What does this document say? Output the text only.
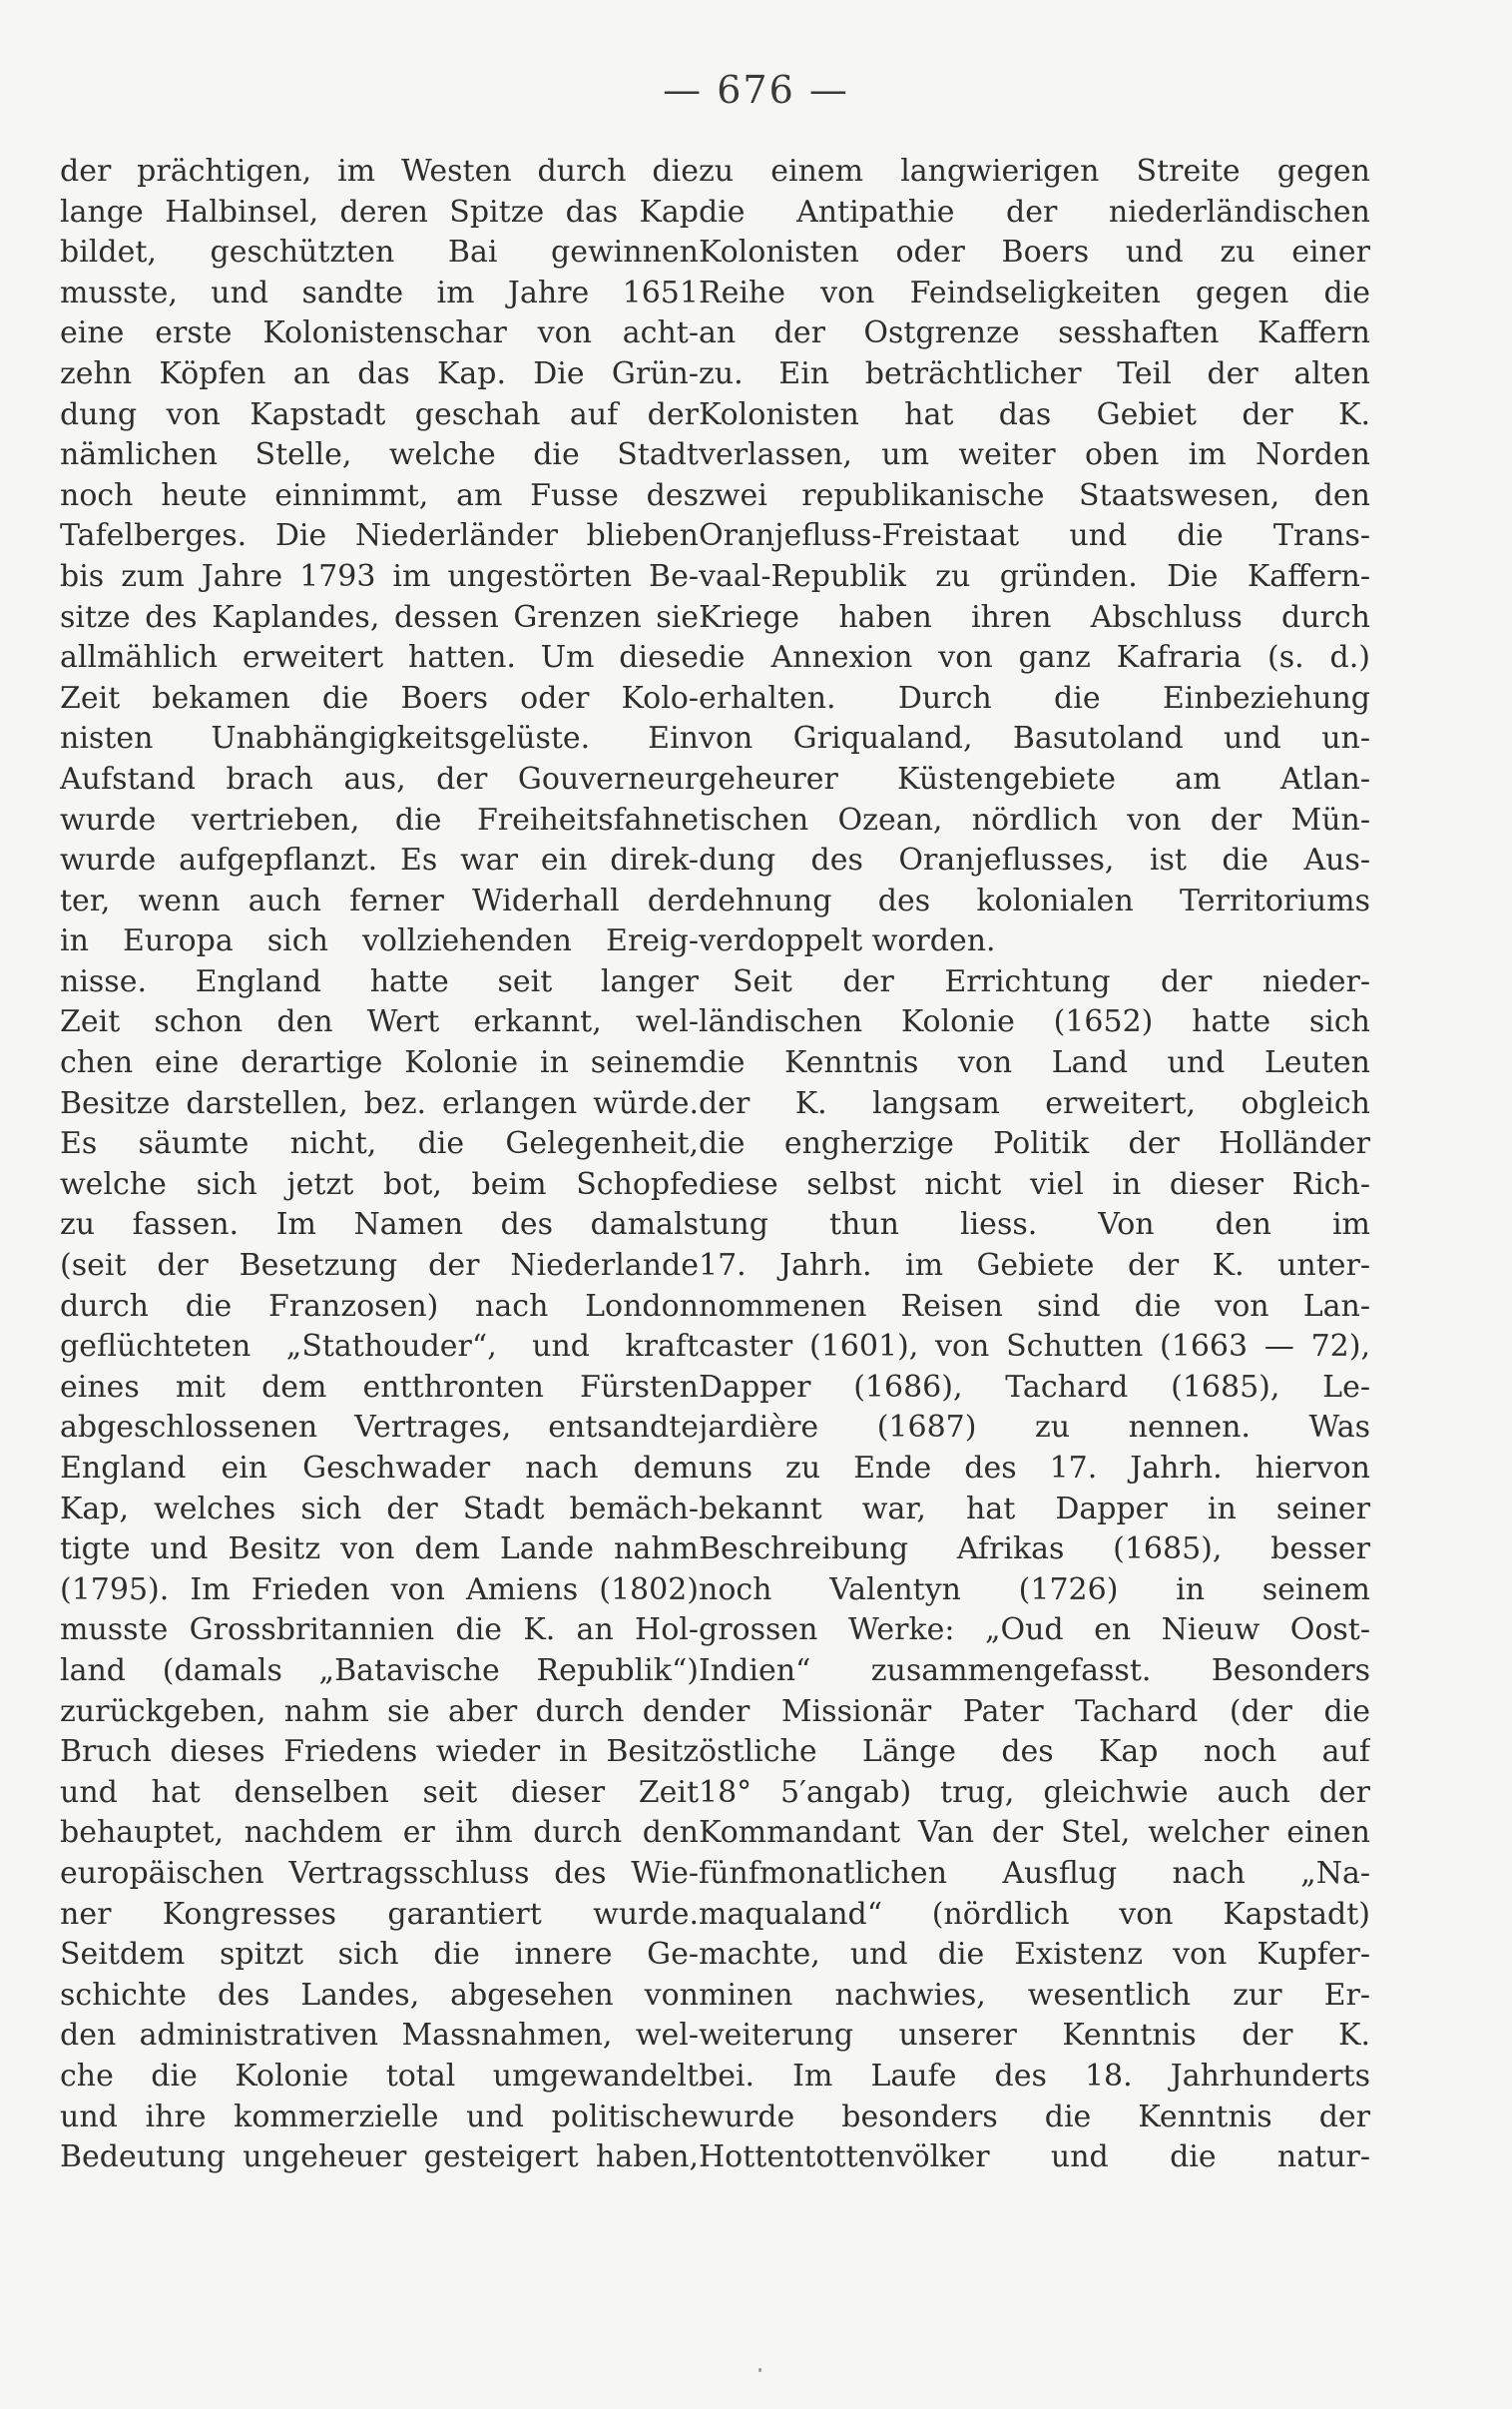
— 676 —
der prächtigen, im Westen durch die
lange Halbinsel, deren Spitze das Kap
bildet, geschützten Bai gewinnen
musste, und sandte im Jahre 1651
eine erste Kolonistenschar von acht-
zehn Köpfen an das Kap. Die Grün-
dung von Kapstadt geschah auf der
nämlichen Stelle, welche die Stadt
noch heute einnimmt, am Fusse des
Tafelberges. Die Niederländer blieben
bis zum Jahre 1793 im ungestörten Be-
sitze des Kaplandes, dessen Grenzen sie
allmählich erweitert hatten. Um diese
Zeit bekamen die Boers oder Kolo-
nisten Unabhängigkeitsgelüste. Ein
Aufstand brach aus, der Gouverneur
wurde vertrieben, die Freiheitsfahne
wurde aufgepflanzt. Es war ein direk-
ter, wenn auch ferner Widerhall der
in Europa sich vollziehenden Ereig-
nisse. England hatte seit langer
Zeit schon den Wert erkannt, wel-
chen eine derartige Kolonie in seinem
Besitze darstellen, bez. erlangen würde.
Es säumte nicht, die Gelegenheit,
welche sich jetzt bot, beim Schopfe
zu fassen. Im Namen des damals
(seit der Besetzung der Niederlande
durch die Franzosen) nach London
geflüchteten „Stathouder“, und kraft
eines mit dem entthronten Fürsten
abgeschlossenen Vertrages, entsandte
England ein Geschwader nach dem
Kap, welches sich der Stadt bemäch-
tigte und Besitz von dem Lande nahm
(1795). Im Frieden von Amiens (1802)
musste Grossbritannien die K. an Hol-
land (damals „Batavische Republik“)
zurückgeben, nahm sie aber durch den
Bruch dieses Friedens wieder in Besitz
und hat denselben seit dieser Zeit
behauptet, nachdem er ihm durch den
europäischen Vertragsschluss des Wie-
ner Kongresses garantiert wurde.
Seitdem spitzt sich die innere Ge-
schichte des Landes, abgesehen von
den administrativen Massnahmen, wel-
che die Kolonie total umgewandelt
und ihre kommerzielle und politische
Bedeutung ungeheuer gesteigert haben,
zu einem langwierigen Streite gegen
die Antipathie der niederländischen
Kolonisten oder Boers und zu einer
Reihe von Feindseligkeiten gegen die
an der Ostgrenze sesshaften Kaffern
zu. Ein beträchtlicher Teil der alten
Kolonisten hat das Gebiet der K.
verlassen, um weiter oben im Norden
zwei republikanische Staatswesen, den
Oranjefluss-Freistaat und die Trans-
vaal-Republik zu gründen. Die Kaffern-
Kriege haben ihren Abschluss durch
die Annexion von ganz Kafraria (s. d.)
erhalten. Durch die Einbeziehung
von Griqualand, Basutoland und un-
geheurer Küstengebiete am Atlan-
tischen Ozean, nördlich von der Mün-
dung des Oranjeflusses, ist die Aus-
dehnung des kolonialen Territoriums
verdoppelt worden.
Seit der Errichtung der nieder-
ländischen Kolonie (1652) hatte sich
die Kenntnis von Land und Leuten
der K. langsam erweitert, obgleich
die engherzige Politik der Holländer
diese selbst nicht viel in dieser Rich-
tung thun liess. Von den im
17. Jahrh. im Gebiete der K. unter-
nommenen Reisen sind die von Lan-
caster (1601), von Schutten (1663 — 72),
Dapper (1686), Tachard (1685), Le-
jardière (1687) zu nennen. Was
uns zu Ende des 17. Jahrh. hiervon
bekannt war, hat Dapper in seiner
Beschreibung Afrikas (1685), besser
noch Valentyn (1726) in seinem
grossen Werke: „Oud en Nieuw Oost-
Indien“ zusammengefasst. Besonders
der Missionär Pater Tachard (der die
östliche Länge des Kap noch auf
18° 5′angab) trug, gleichwie auch der
Kommandant Van der Stel, welcher einen
fünfmonatlichen Ausflug nach „Na-
maqualand“ (nördlich von Kapstadt)
machte, und die Existenz von Kupfer-
minen nachwies, wesentlich zur Er-
weiterung unserer Kenntnis der K.
bei. Im Laufe des 18. Jahrhunderts
wurde besonders die Kenntnis der
Hottentottenvölker und die natur-
